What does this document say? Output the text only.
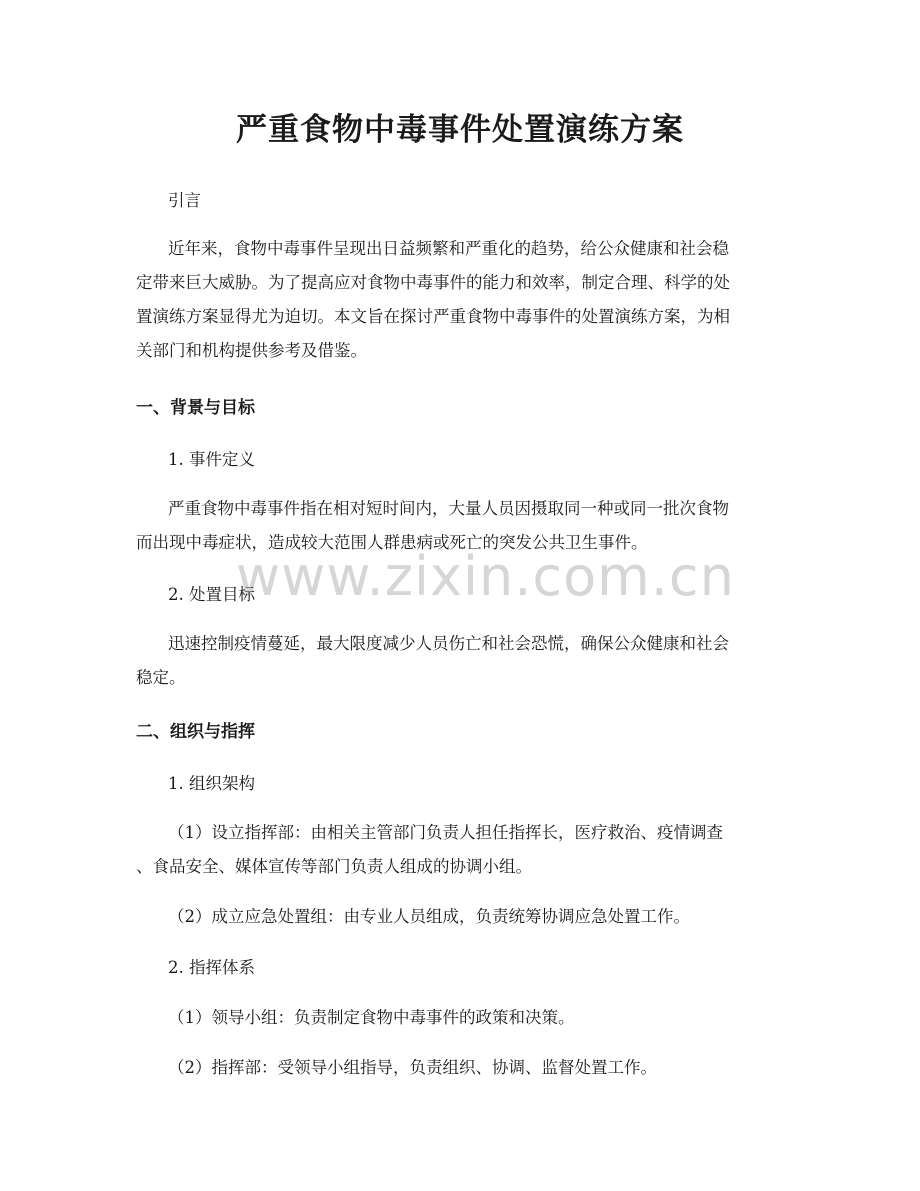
www.zixin.com.cn
严重食物中毒事件处置演练方案

引言

近年来，食物中毒事件呈现出日益频繁和严重化的趋势，给公众健康和社会稳

定带来巨大威胁。为了提高应对食物中毒事件的能力和效率，制定合理、科学的处

置演练方案显得尤为迫切。本文旨在探讨严重食物中毒事件的处置演练方案，为相

关部门和机构提供参考及借鉴。

一、背景与目标

1. 事件定义

严重食物中毒事件指在相对短时间内，大量人员因摄取同一种或同一批次食物

而出现中毒症状，造成较大范围人群患病或死亡的突发公共卫生事件。

2. 处置目标

迅速控制疫情蔓延，最大限度减少人员伤亡和社会恐慌，确保公众健康和社会

稳定。

二、组织与指挥

1. 组织架构

（1）设立指挥部：由相关主管部门负责人担任指挥长，医疗救治、疫情调查

、食品安全、媒体宣传等部门负责人组成的协调小组。

（2）成立应急处置组：由专业人员组成，负责统筹协调应急处置工作。

2. 指挥体系

（1）领导小组：负责制定食物中毒事件的政策和决策。

（2）指挥部：受领导小组指导，负责组织、协调、监督处置工作。
